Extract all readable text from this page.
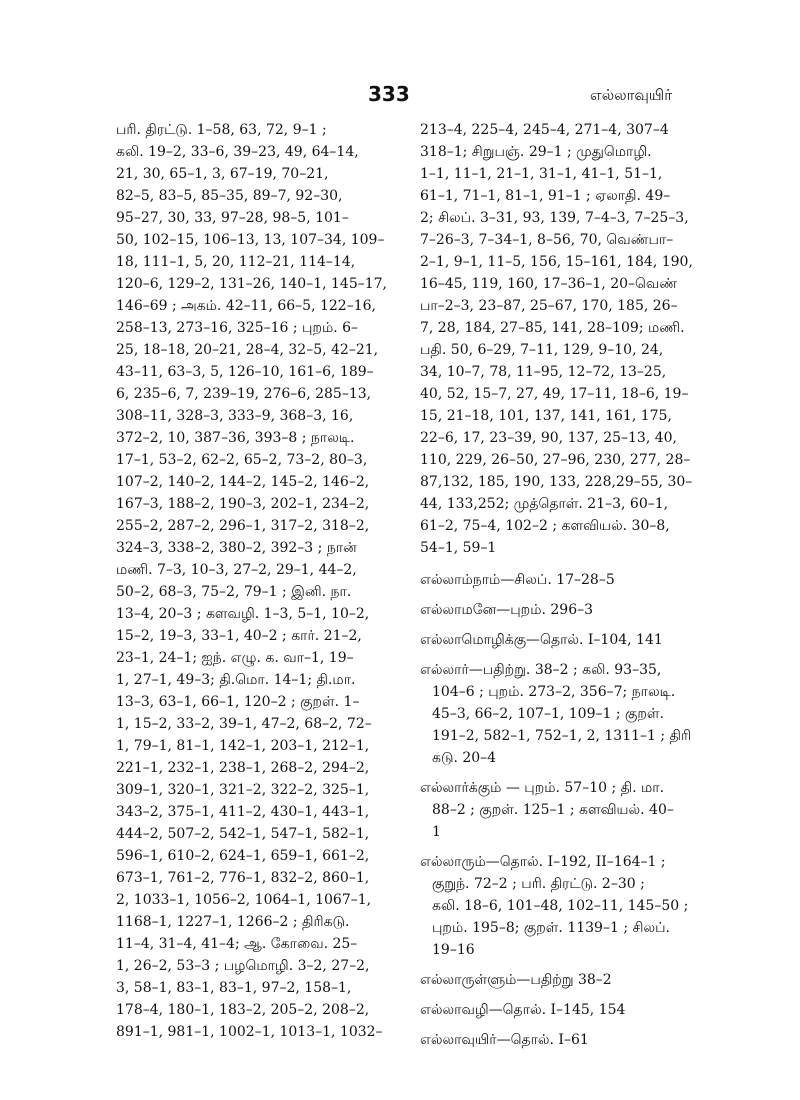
333	எல்லாவுயிர்
பரி. திரட்டு. 1–58, 63, 72, 9–1 ;
கலி. 19–2, 33–6, 39–23, 49, 64–14,
21, 30, 65–1, 3, 67–19, 70–21,
82–5, 83–5, 85–35, 89–7, 92–30,
95–27, 30, 33, 97–28, 98–5, 101–
50, 102–15, 106–13, 13, 107–34, 109–
18, 111–1, 5, 20, 112–21, 114–14,
120–6, 129–2, 131–26, 140–1, 145–17,
146–69 ; அகம். 42–11, 66–5, 122–16,
258–13, 273–16, 325–16 ; புறம். 6–
25, 18–18, 20–21, 28–4, 32–5, 42–21,
43–11, 63–3, 5, 126–10, 161–6, 189–
6, 235–6, 7, 239–19, 276–6, 285–13,
308–11, 328–3, 333–9, 368–3, 16,
372–2, 10, 387–36, 393–8 ; நாலடி.
17–1, 53–2, 62–2, 65–2, 73–2, 80–3,
107–2, 140–2, 144–2, 145–2, 146–2,
167–3, 188–2, 190–3, 202–1, 234–2,
255–2, 287–2, 296–1, 317–2, 318–2,
324–3, 338–2, 380–2, 392–3 ; நான்
மணி. 7–3, 10–3, 27–2, 29–1, 44–2,
50–2, 68–3, 75–2, 79–1 ; இனி. நா.
13–4, 20–3 ; களவழி. 1–3, 5–1, 10–2,
15–2, 19–3, 33–1, 40–2 ; கார். 21–2,
23–1, 24–1; ஐந். எழு. க. வா–1, 19–
1, 27–1, 49–3; தி.மொ. 14–1; தி.மா.
13–3, 63–1, 66–1, 120–2 ; குறள். 1–
1, 15–2, 33–2, 39–1, 47–2, 68–2, 72–
1, 79–1, 81–1, 142–1, 203–1, 212–1,
221–1, 232–1, 238–1, 268–2, 294–2,
309–1, 320–1, 321–2, 322–2, 325–1,
343–2, 375–1, 411–2, 430–1, 443–1,
444–2, 507–2, 542–1, 547–1, 582–1,
596–1, 610–2, 624–1, 659–1, 661–2,
673–1, 761–2, 776–1, 832–2, 860–1,
2, 1033–1, 1056–2, 1064–1, 1067–1,
1168–1, 1227–1, 1266–2 ; திரிகடு.
11–4, 31–4, 41–4; ஆ. கோவை. 25–
1, 26–2, 53–3 ; பழமொழி. 3–2, 27–2,
3, 58–1, 83–1, 83–1, 97–2, 158–1,
178–4, 180–1, 183–2, 205–2, 208–2,
891–1, 981–1, 1002–1, 1013–1, 1032–
213–4, 225–4, 245–4, 271–4, 307–4
318–1; சிறுபஞ். 29–1 ; முதுமொழி.
1–1, 11–1, 21–1, 31–1, 41–1, 51–1,
61–1, 71–1, 81–1, 91–1 ; ஏலாதி. 49–
2; சிலப். 3–31, 93, 139, 7–4–3, 7–25–3,
7–26–3, 7–34–1, 8–56, 70, வெண்பா–
2–1, 9–1, 11–5, 156, 15–161, 184, 190,
16–45, 119, 160, 17–36–1, 20–வெண்
பா–2–3, 23–87, 25–67, 170, 185, 26–
7, 28, 184, 27–85, 141, 28–109; மணி.
பதி. 50, 6–29, 7–11, 129, 9–10, 24,
34, 10–7, 78, 11–95, 12–72, 13–25,
40, 52, 15–7, 27, 49, 17–11, 18–6, 19–
15, 21–18, 101, 137, 141, 161, 175,
22–6, 17, 23–39, 90, 137, 25–13, 40,
110, 229, 26–50, 27–96, 230, 277, 28–
87,132, 185, 190, 133, 228,29–55, 30–
44, 133,252; முத்தொள். 21–3, 60–1,
61–2, 75–4, 102–2 ; களவியல். 30–8,
54–1, 59–1
எல்லாம்நாம்—சிலப். 17–28–5
எல்லாமனே—புறம். 296–3
எல்லாமொழிக்கு—தொல். I–104, 141
எல்லார்—பதிற்று. 38–2 ; கலி. 93–35,
104–6 ; புறம். 273–2, 356–7; நாலடி.
45–3, 66–2, 107–1, 109–1 ; குறள்.
191–2, 582–1, 752–1, 2, 1311–1 ; திரி
கடு. 20–4
எல்லார்க்கும் — புறம். 57–10 ; தி. மா.
88–2 ; குறள். 125–1 ; களவியல். 40–
1
எல்லாரும்—தொல். I–192, II–164–1 ;
குறுந். 72–2 ; பரி. திரட்டு. 2–30 ;
கலி. 18–6, 101–48, 102–11, 145–50 ;
புறம். 195–8; குறள். 1139–1 ; சிலப்.
19–16
எல்லாருள்ளும்—பதிற்று 38–2
எல்லாவழி—தொல். I–145, 154
எல்லாவுயிர்—தொல். I–61
